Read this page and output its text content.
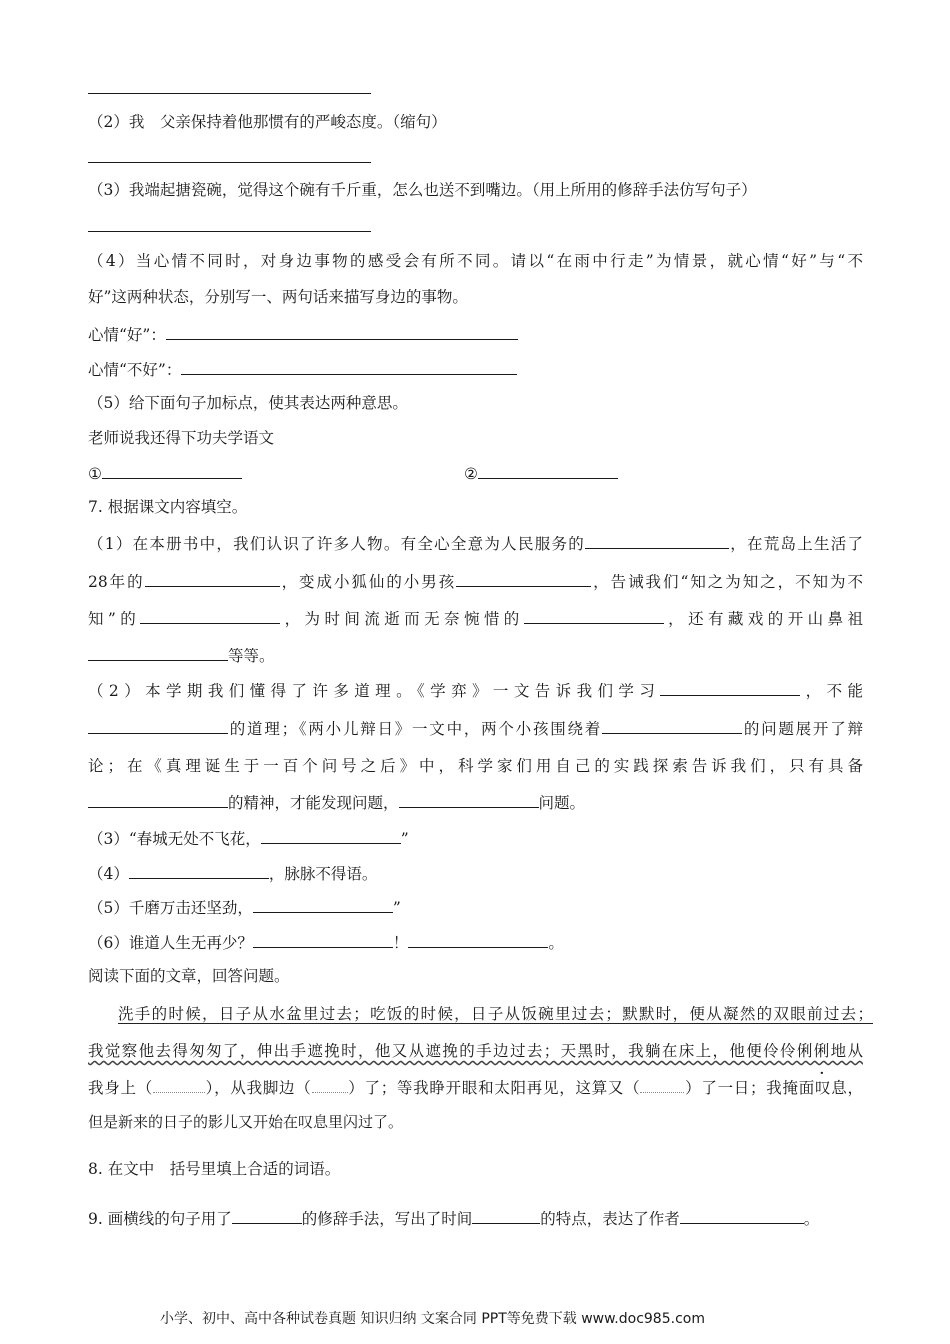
（2）我　父亲保持着他那惯有的严峻态度。（缩句）
（3）我端起搪瓷碗，觉得这个碗有千斤重，怎么也送不到嘴边。（用上所用的修辞手法仿写句子）
（4）当心情不同时，对身边事物的感受会有所不同。请以“在雨中行走”为情景，就心情“好”与“不
好”这两种状态，分别写一、两句话来描写身边的事物。
心情“好”：
心情“不好”：
（5）给下面句子加标点，使其表达两种意思。
老师说我还得下功夫学语文
①	②
7. 根据课文内容填空。
（1）在本册书中，我们认识了许多人物。有全心全意为人民服务的	，在荒岛上生活了
28年的	，变成小狐仙的小男孩	，告诫我们“知之为知之，不知为不
知”的	，为时间流逝而无奈惋惜的	，还有藏戏的开山鼻祖
等等。
（2）本学期我们懂得了许多道理。《学弈》一文告诉我们学习	，不能
的道理；《两小儿辩日》一文中，两个小孩围绕着	的问题展开了辩
论；在《真理诞生于一百个问号之后》中，科学家们用自己的实践探索告诉我们，只有具备
的精神，才能发现问题，	问题。
（3）“春城无处不飞花，	”
（4）	，脉脉不得语。
（5）千磨万击还坚劲，	”
（6）谁道人生无再少？	！	。
阅读下面的文章，回答问题。
洗手的时候，日子从水盆里过去；吃饭的时候，日子从饭碗里过去；默默时，便从凝然的双眼前过去；
我觉察他去得匆匆了，伸出手遮挽时，他又从遮挽的手边过去；天黑时，我躺在床上，他便伶伶俐俐地从
我身上（	），从我脚边（ ）了；等我睁开眼和太阳再见，这算又（	）了一日；我掩面叹息，
但是新来的日子的影儿又开始在叹息里闪过了。
8. 在文中　括号里填上合适的词语。
9. 画横线的句子用了	的修辞手法，写出了时间	的特点，表达了作者	。
小学、初中、高中各种试卷真题 知识归纳 文案合同 PPT等免费下载 www.doc985.com
